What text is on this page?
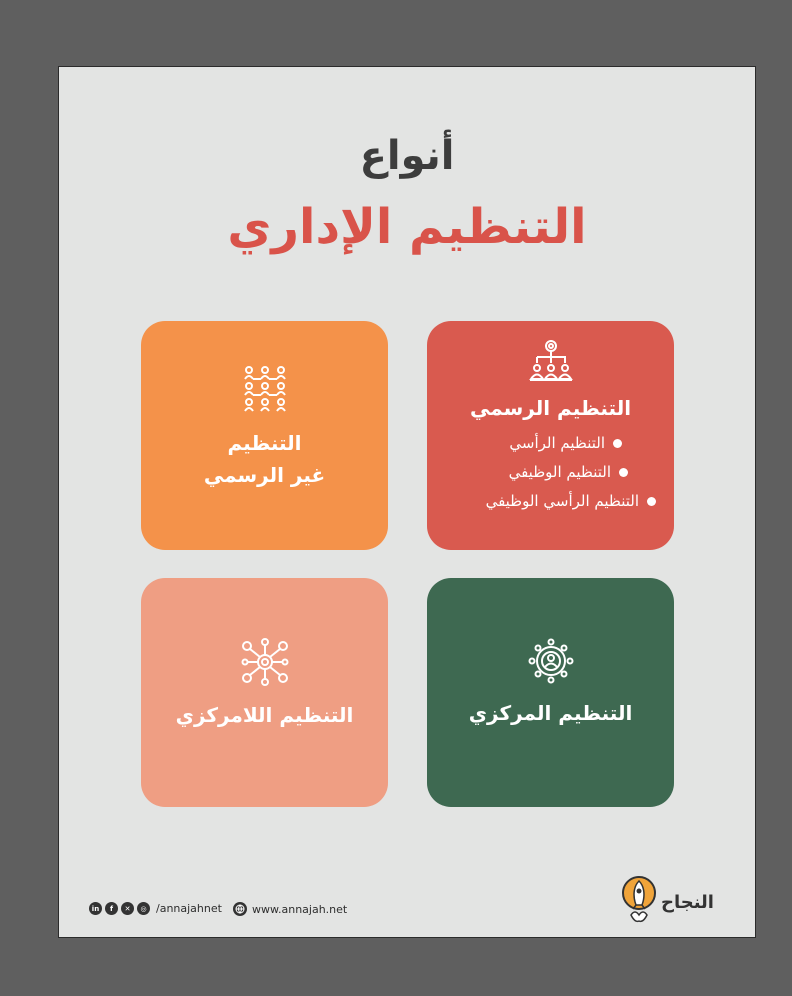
أنواع
التنظيم الإداري
التنظيم الرسمي
التنظيم الرأسي
التنظيم الوظيفي
التنظيم الرأسي الوظيفي
التنظيم
غير الرسمي
التنظيم المركزي
التنظيم اللامركزي
in	f	✕	◎ /annajahnet	www.annajah.net	النجاح
